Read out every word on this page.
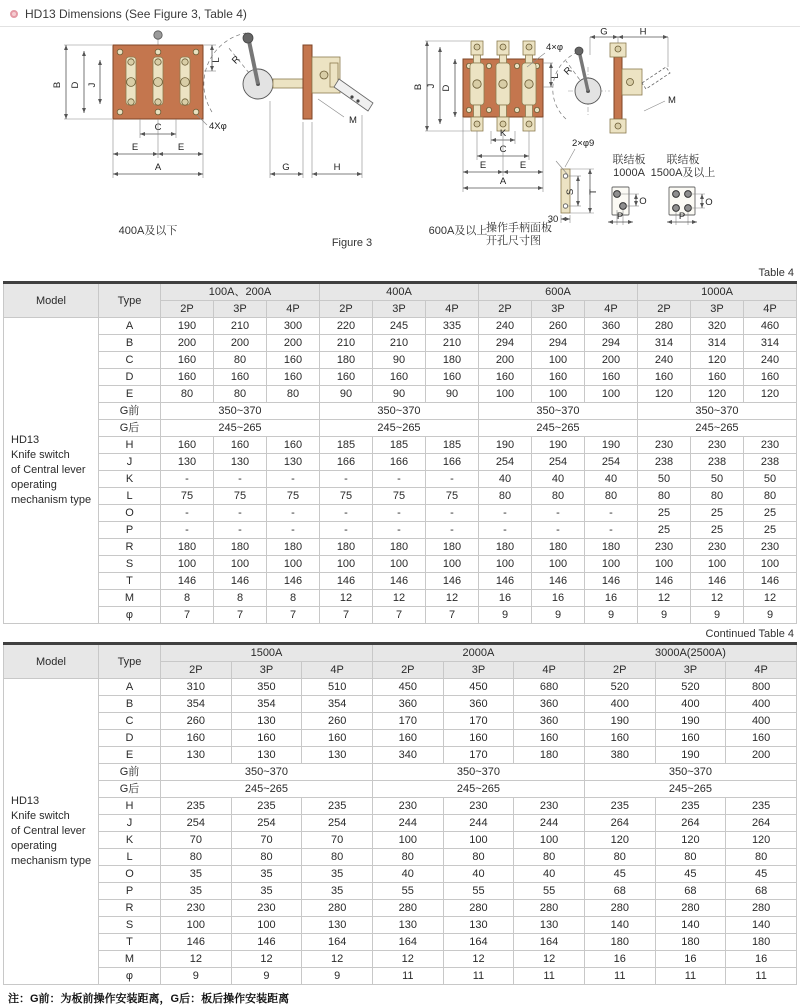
HD13 Dimensions (See Figure 3, Table 4)
B D J
L
C
E	E
A
4Xφ
R
M
G	H
400A及以下
Figure 3
B J D
4×φ
L
K
C
E	E
A
R
G	H
M
2×φ9
T
S
30
操作手柄面板
开孔尺寸图
联结板
1000A
O
P
联结板
1500A及以上
O
P
600A及以上
Table 4
Model	Type	100A、200A			400A			600A			1000A		
		2P	3P	4P	2P	3P	4P	2P	3P	4P	2P	3P	4P

HD13
Knife switch
of Central lever
operating
mechanism type	A	190	210	300	220	245	335	240	260	360	280	320	460
	B	200	200	200	210	210	210	294	294	294	314	314	314
	C	160	80	160	180	90	180	200	100	200	240	120	240
	D	160	160	160	160	160	160	160	160	160	160	160	160
	E	80	80	80	90	90	90	100	100	100	120	120	120
	G前	350~370			350~370			350~370			350~370		
	G后	245~265			245~265			245~265			245~265		
	H	160	160	160	185	185	185	190	190	190	230	230	230
	J	130	130	130	166	166	166	254	254	254	238	238	238
	K	-	-	-	-	-	-	40	40	40	50	50	50
	L	75	75	75	75	75	75	80	80	80	80	80	80
	O	-	-	-	-	-	-	-	-	-	25	25	25
	P	-	-	-	-	-	-	-	-	-	25	25	25
	R	180	180	180	180	180	180	180	180	180	230	230	230
	S	100	100	100	100	100	100	100	100	100	100	100	100
	T	146	146	146	146	146	146	146	146	146	146	146	146
	M	8	8	8	12	12	12	16	16	16	12	12	12
	φ	7	7	7	7	7	7	9	9	9	9	9	9
Continued Table 4
Model	Type	1500A			2000A			3000A(2500A)		
		2P	3P	4P	2P	3P	4P	2P	3P	4P

HD13
Knife switch
of Central lever
operating
mechanism type	A	310	350	510	450	450	680	520	520	800
	B	354	354	354	360	360	360	400	400	400
	C	260	130	260	170	170	360	190	190	400
	D	160	160	160	160	160	160	160	160	160
	E	130	130	130	340	170	180	380	190	200
	G前	350~370			350~370			350~370		
	G后	245~265			245~265			245~265		
	H	235	235	235	230	230	230	235	235	235
	J	254	254	254	244	244	244	264	264	264
	K	70	70	70	100	100	100	120	120	120
	L	80	80	80	80	80	80	80	80	80
	O	35	35	35	40	40	40	45	45	45
	P	35	35	35	55	55	55	68	68	68
	R	230	230	280	280	280	280	280	280	280
	S	100	100	130	130	130	130	140	140	140
	T	146	146	164	164	164	164	180	180	180
	M	12	12	12	12	12	12	16	16	16
	φ	9	9	9	11	11	11	11	11	11
注：G前：为板前操作安装距离，G后：板后操作安装距离
